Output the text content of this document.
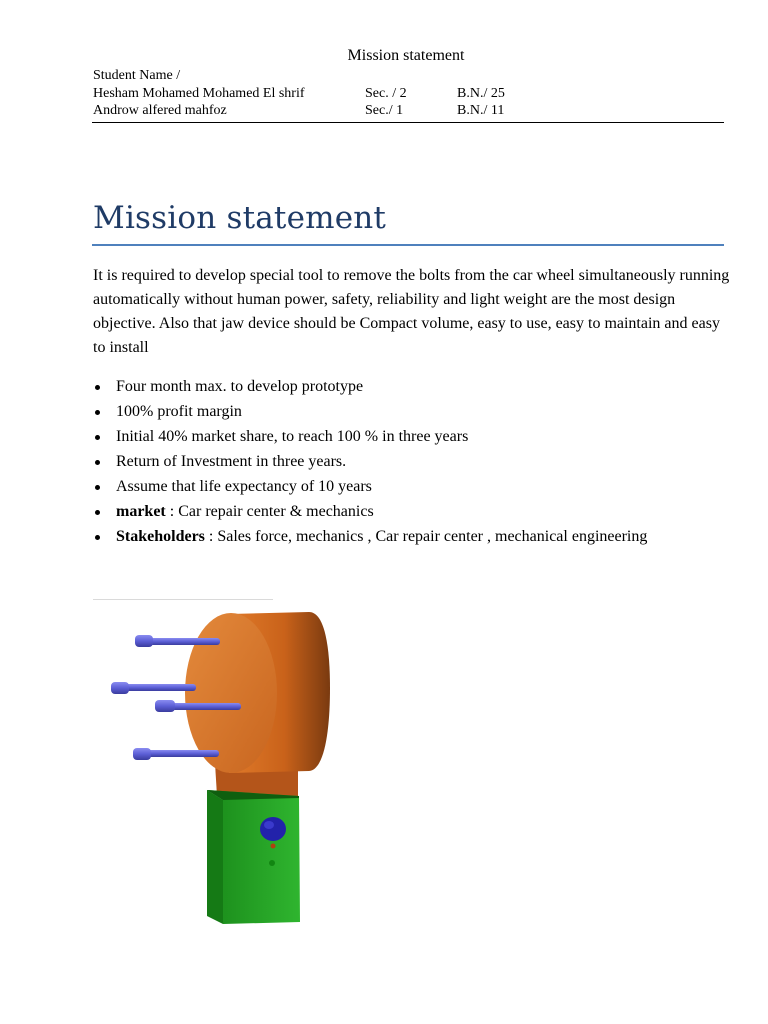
Mission statement
Student Name /
Hesham Mohamed Mohamed El shrif	Sec. / 2	B.N./ 25
Androw alfered mahfoz	Sec./ 1	B.N./ 11
Mission statement
It is required to develop special tool to remove the bolts from the car wheel simultaneously running automatically without human power, safety, reliability and light weight are the most design objective. Also that jaw device should be Compact volume, easy to use, easy to maintain and easy to install
Four month max. to develop prototype
100% profit margin
Initial 40% market share, to reach 100 % in three years
Return of Investment in three years.
Assume that life expectancy of 10 years
market : Car repair center & mechanics
Stakeholders : Sales force, mechanics , Car repair center , mechanical engineering
